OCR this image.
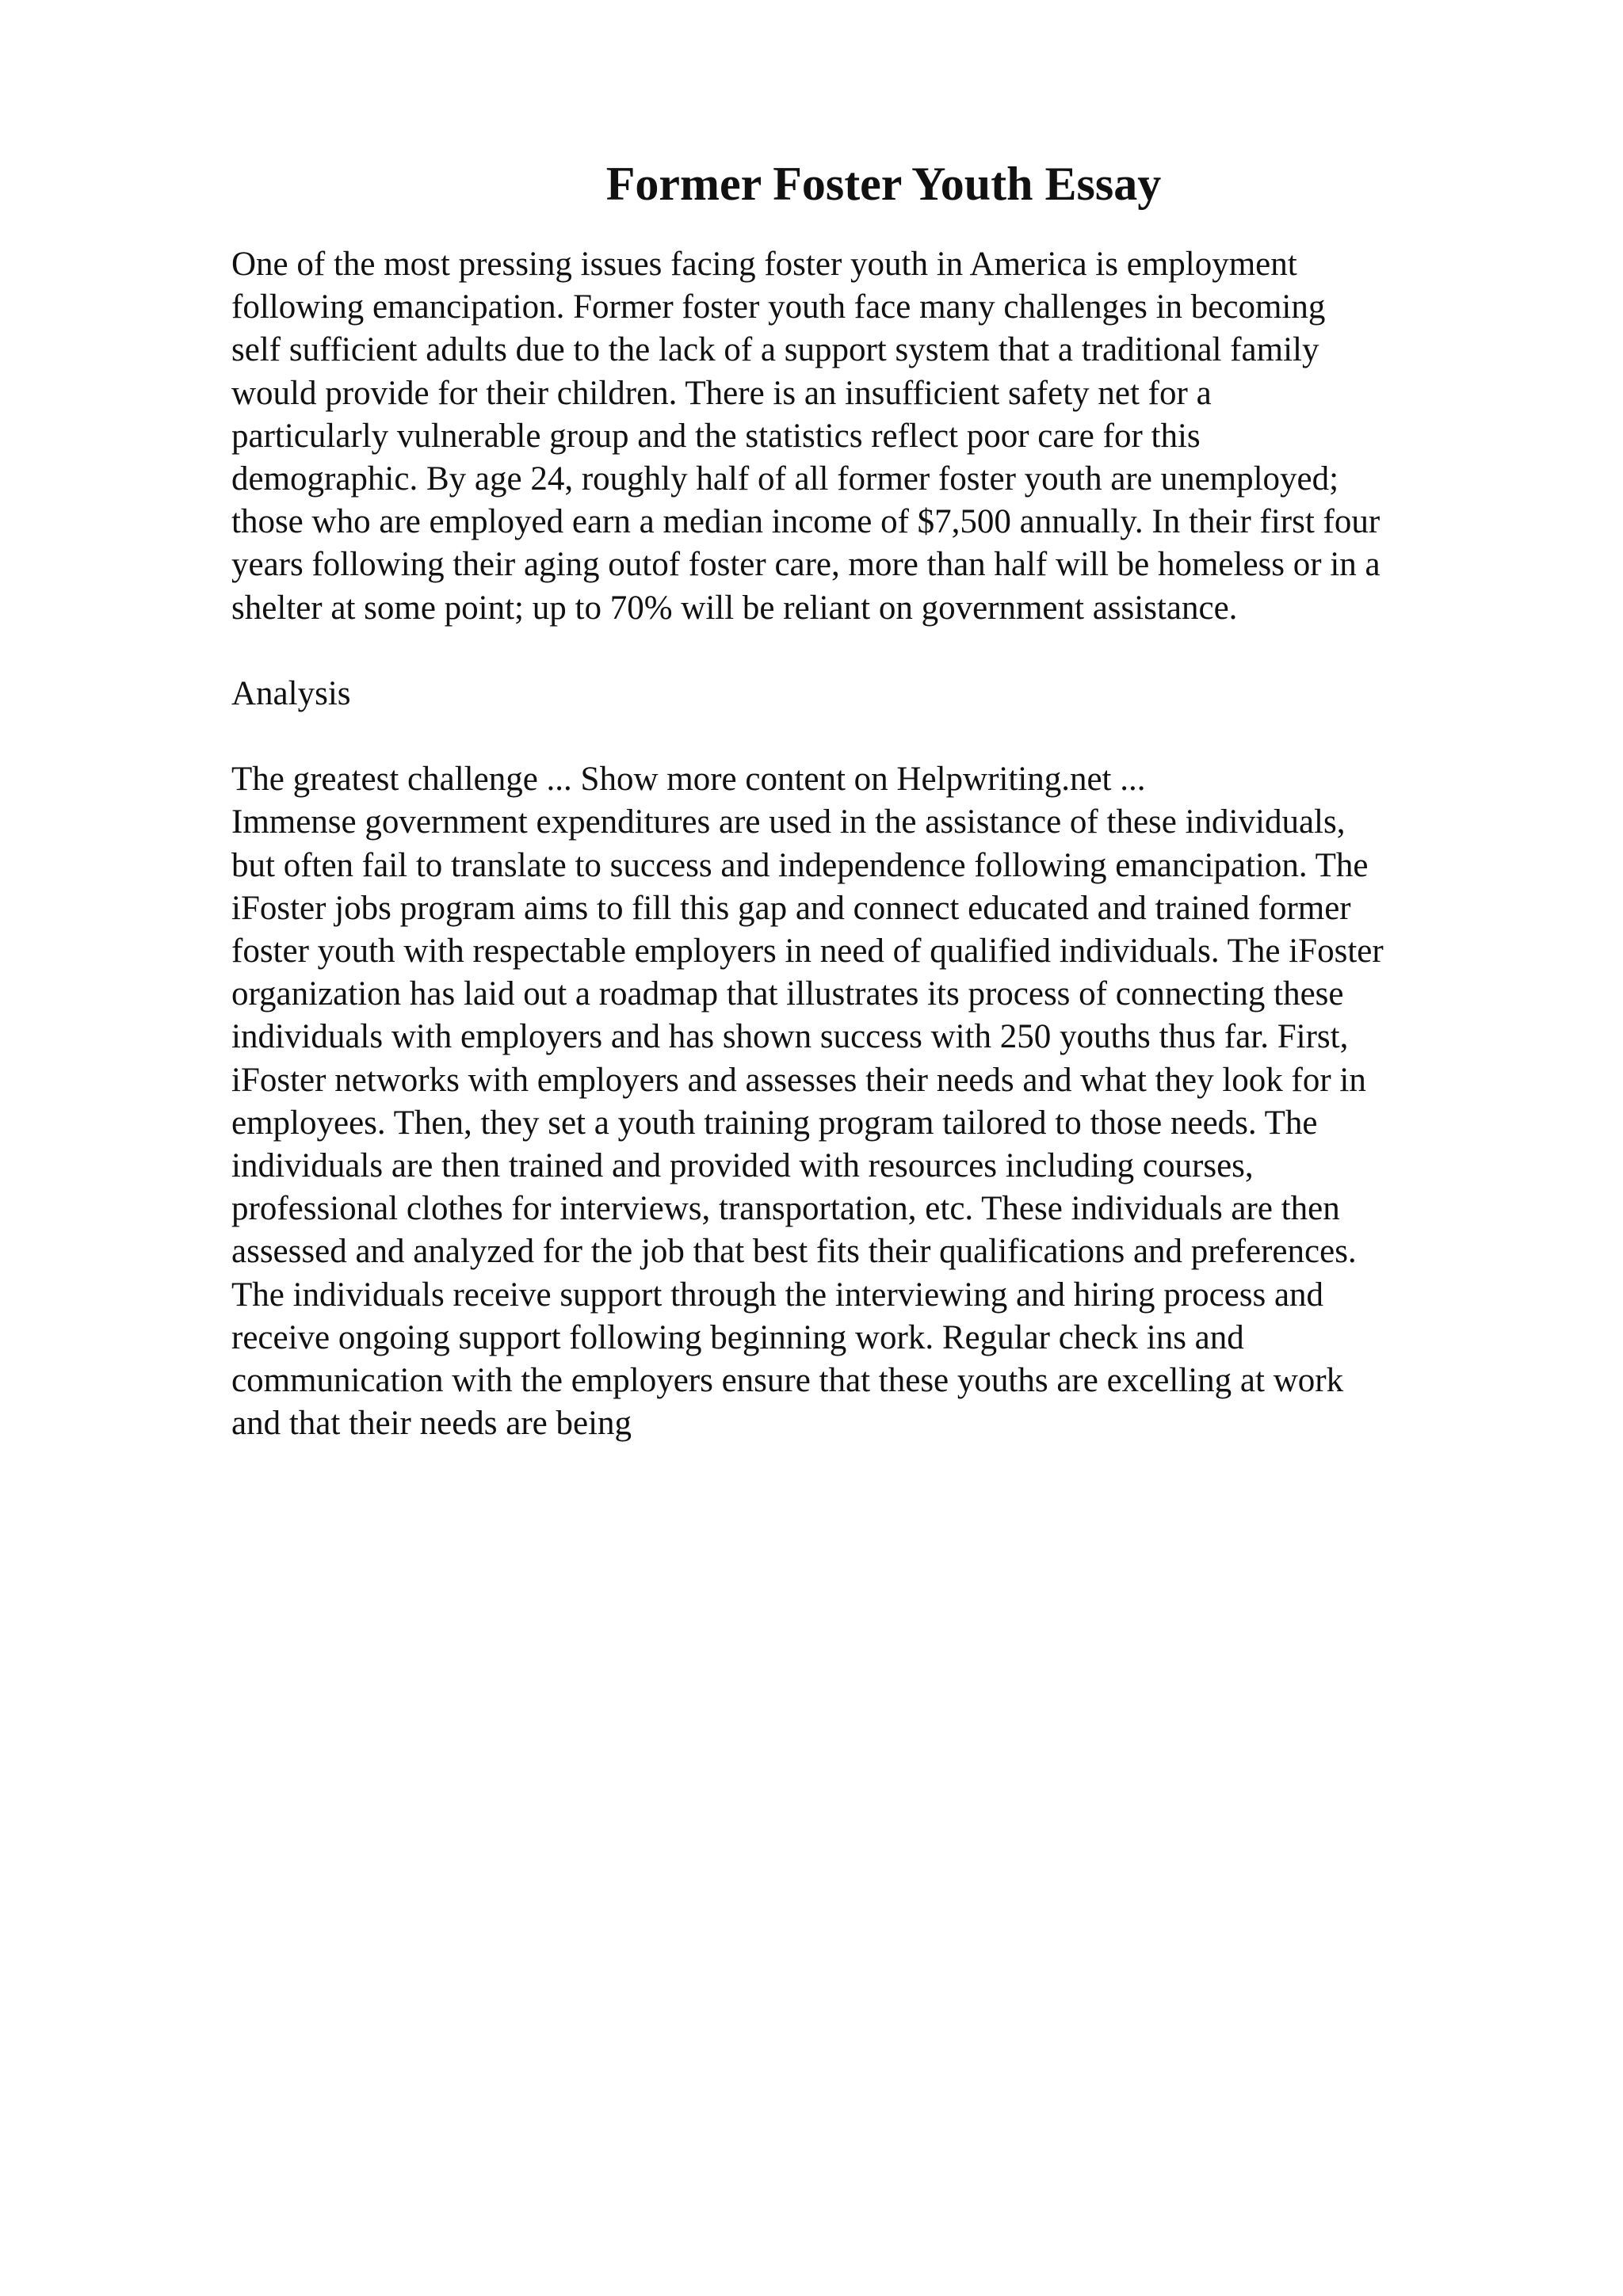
Former Foster Youth Essay
One of the most pressing issues facing foster youth in America is employment
following emancipation. Former foster youth face many challenges in becoming
self sufficient adults due to the lack of a support system that a traditional family
would provide for their children. There is an insufficient safety net for a
particularly vulnerable group and the statistics reflect poor care for this
demographic. By age 24, roughly half of all former foster youth are unemployed;
those who are employed earn a median income of $7,500 annually. In their first four
years following their aging outof foster care, more than half will be homeless or in a
shelter at some point; up to 70% will be reliant on government assistance.
Analysis
The greatest challenge ... Show more content on Helpwriting.net ...
Immense government expenditures are used in the assistance of these individuals,
but often fail to translate to success and independence following emancipation. The
iFoster jobs program aims to fill this gap and connect educated and trained former
foster youth with respectable employers in need of qualified individuals. The iFoster
organization has laid out a roadmap that illustrates its process of connecting these
individuals with employers and has shown success with 250 youths thus far. First,
iFoster networks with employers and assesses their needs and what they look for in
employees. Then, they set a youth training program tailored to those needs. The
individuals are then trained and provided with resources including courses,
professional clothes for interviews, transportation, etc. These individuals are then
assessed and analyzed for the job that best fits their qualifications and preferences.
The individuals receive support through the interviewing and hiring process and
receive ongoing support following beginning work. Regular check ins and
communication with the employers ensure that these youths are excelling at work
and that their needs are being
